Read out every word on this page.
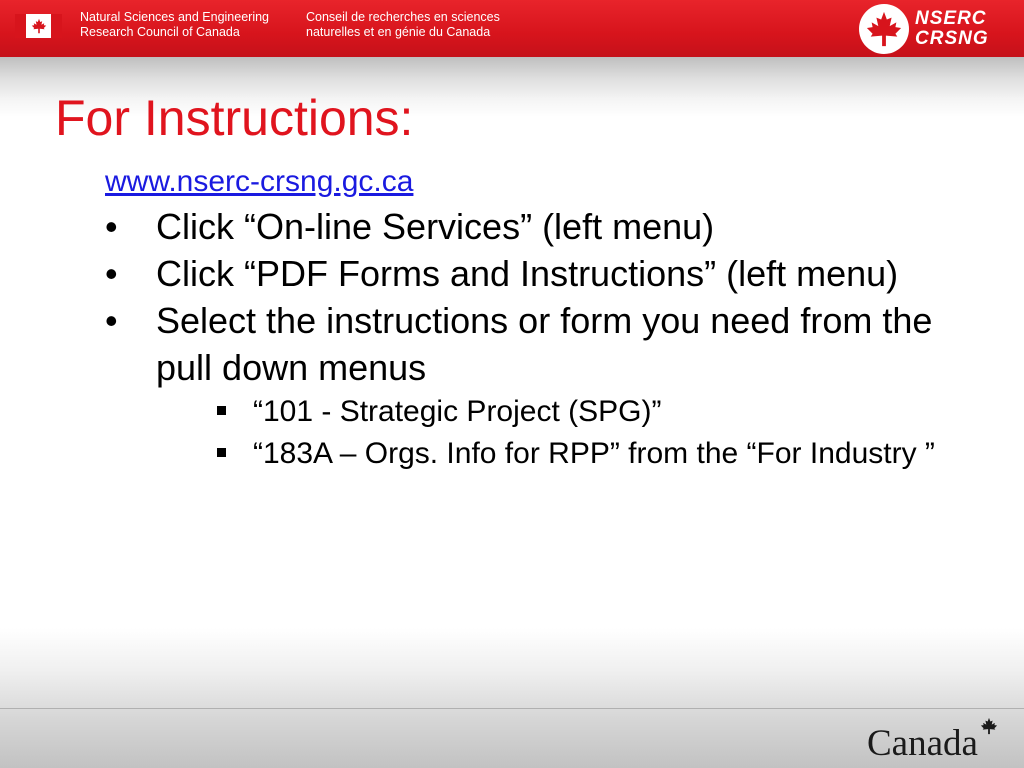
Natural Sciences and Engineering
Research Council of Canada
Conseil de recherches en sciences
naturelles et en génie du Canada
NSERC
CRSNG
For Instructions:
www.nserc-crsng.gc.ca
• Click “On-line Services” (left menu)
• Click “PDF Forms and Instructions” (left menu)
• Select the instructions or form you need from the pull down menus
“101 - Strategic Project (SPG)”
“183A – Orgs. Info for RPP” from the “For Industry ”
Canada
